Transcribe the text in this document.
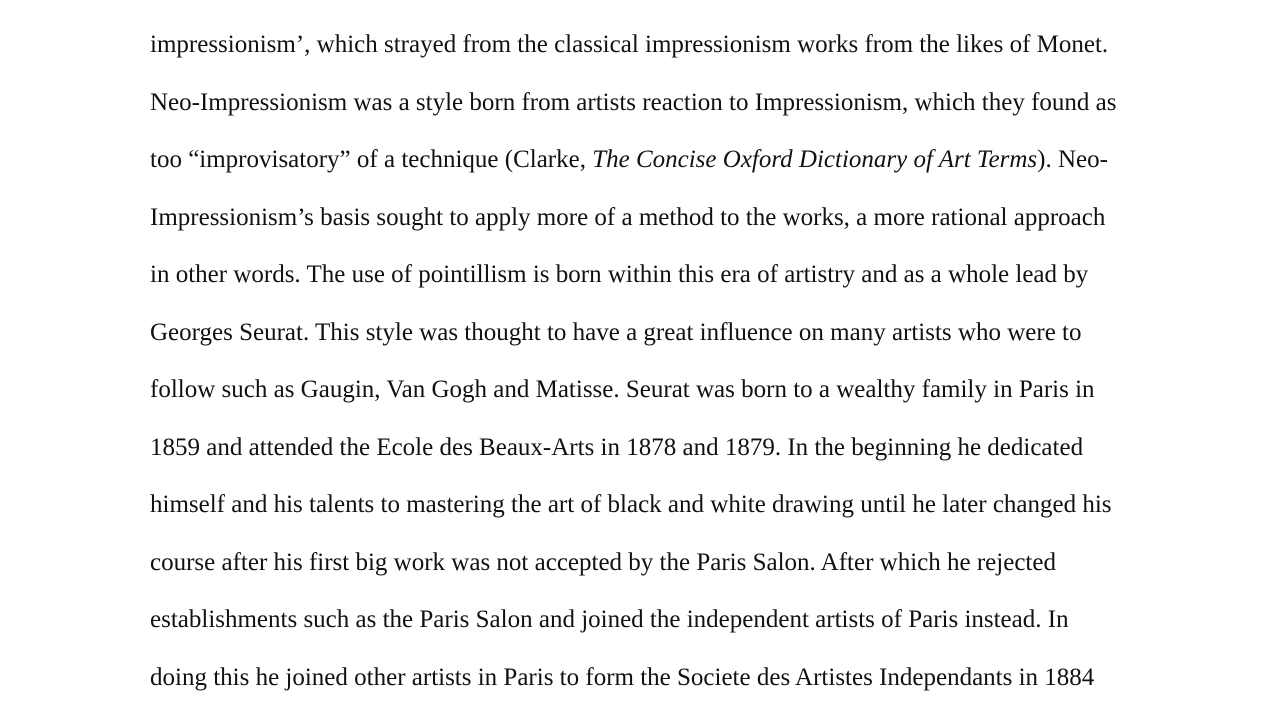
impressionism’, which strayed from the classical impressionism works from the likes of Monet.
Neo-Impressionism was a style born from artists reaction to Impressionism, which they found as
too “improvisatory” of a technique (Clarke, The Concise Oxford Dictionary of Art Terms). Neo-
Impressionism’s basis sought to apply more of a method to the works, a more rational approach
in other words. The use of pointillism is born within this era of artistry and as a whole lead by
Georges Seurat. This style was thought to have a great influence on many artists who were to
follow such as Gaugin, Van Gogh and Matisse. Seurat was born to a wealthy family in Paris in
1859 and attended the Ecole des Beaux-Arts in 1878 and 1879. In the beginning he dedicated
himself and his talents to mastering the art of black and white drawing until he later changed his
course after his first big work was not accepted by the Paris Salon. After which he rejected
establishments such as the Paris Salon and joined the independent artists of Paris instead. In
doing this he joined other artists in Paris to form the Societe des Artistes Independants in 1884
